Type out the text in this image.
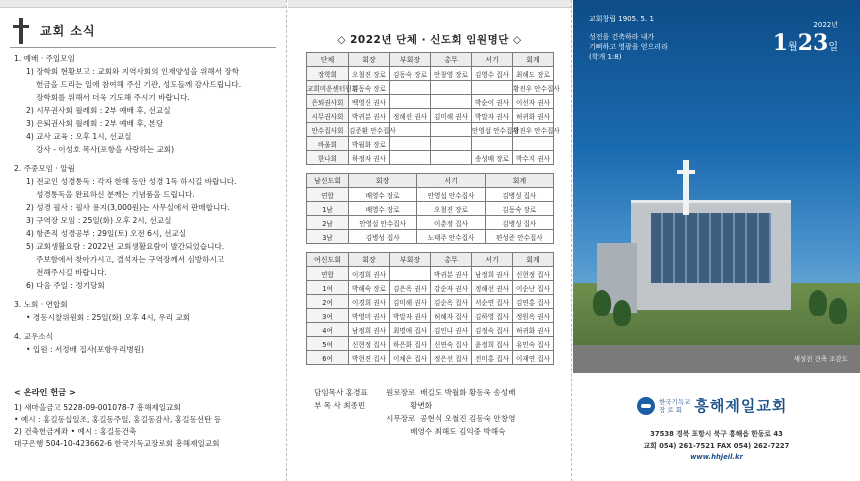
교회 소식
1. 예배 · 주일모임
1) 장학회 현황보고 : 교회와 지역사회의 인재양성을 위해서 장학
헌금을 드리는 일에 참여해 주신 기관, 성도들께 감사드립니다.
장학회를 위해서 더욱 기도해 주시기 바랍니다.
2) 시무권사회 월례회 : 2부 예배 후, 선교실
3) 은퇴권사회 월례회 : 2부 예배 후, 본당
4) 교사 교육 : 오후 1시, 선교실
강사 - 이성호 목사(포항을 사랑하는 교회)
2. 주중모임 · 알림
1) 전교인 성경통독 : 각자 한해 동안 성경 1독 하시길 바랍니다.
성경통독을 완료하신 분께는 기념품을 드립니다.
2) 성경 필사 : 필사 용지(3,000원)는 사무실에서 판매합니다.
3) 구역장 모임 : 25일(화) 오후 2시, 선교실
4) 항존직 성경공부 : 29일(토) 오전 6시, 선교실
5) 교회생활요람 : 2022년 교회생활요람이 발간되었습니다.
주보함에서 찾아가시고, 결석자는 구역장께서 심방하시고
전해주시길 바랍니다.
6) 다음 주일 : 정기당회
3. 노회 · 연합회
• 경동시찰위원회 : 25일(화) 오후 4시, 우리 교회
4. 교우소식
• 입원 : 서정배 집사(포항우리병원)
< 온라인 헌금 >
1) 새마을금고 5228-09-001078-7 흥해제일교회
• 예시 : 홍길동십일조, 홍길동주일, 홍길동감사, 홍길동선탄 등
2) 건축헌금계좌 • 예시 : 홍길동건축
대구은행 504-10-423662-6 한국기독교장로회 흥해제일교회
◇ 2022년 단체 · 신도회 임원명단 ◇
단체	회장	부회장	총무	서기	회계
장학회	오철진 장로	김동숙 장로	안창영 장로	김영수 집사	최해도 장로
교회미운센터원회	김동숙 장로				황진우 안수집사
은퇴권사회	백영신 권사			박순이 권사	이선자 권사
시무권사회	박귀분 권사	정해선 권사	김미해 권사	박말자 권사	허귀화 권사
안수집사회	김준환 안수집사			안영섭 안수집사	황진우 안수집사
바울회	박월화 장로				
한나회	하정자 권사			송성배 장로	박수지 권사
남신도회	회장	서기	회계
연합	배영수 장로	안영섭 안수집사	김병성 집사
1남	배영수 장로	오철진 장로	김동숙 장로
2남	안영섭 안수집사	이춘정 집사	김병성 집사
3남	김병성 집사	노태주 안수집사	편성준 안수집사
여신도회	회장	부회장	총무	서기	회계
연합	이경희 권사		박귀분 권사	남정희 권사	신현정 집사
1여	박해숙 장로	김은옥 권사	강순자 권사	정해선 권사	이순난 집사
2여	이경희 권사	김미해 권사	김순옥 집사	서순연 집사	김연홍 집사
3여	박영미 권사	박말자 권사	허혜자 집사	김하영 집사	정원옥 권사
4여	남정희 권사	최명애 집사	김인나 권사	김정숙 집사	허귀화 권사
5여	신현정 집사	하은화 집사	신연숙 집사	윤정희 집사	유민숙 집사
6여	박현진 집사	이채은 집사	정은선 집사	전미홍 집사	이재연 집사
담임목사 홍경표
부 목 사 최종빈
원로장로  배길도 박월화 황동욱 송성배
황변화
시무장로  공현식 오철진 김동숙 안창영
배영수 최해도 김익중 박해숙
교회창립 1905. 5. 1
성전을 건축하라 내가
기뻐하고 영광을 얻으리라
(학개 1:8)
2022년
1월23일
새성전 건축 조감도
한국기독교
장 로 회 흥해제일교회
37538 경북 포항시 북구 흥해읍 한동로 43
교회 054) 261-7521 FAX 054) 262-7227
www.hhjeil.kr
